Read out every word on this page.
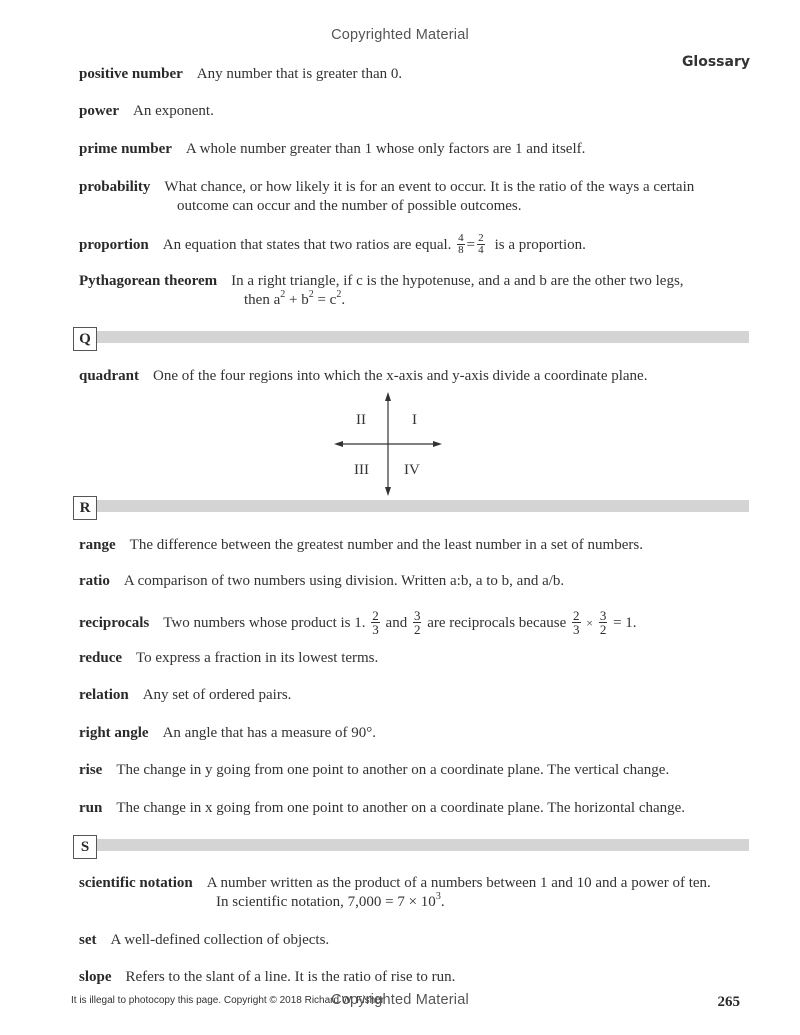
Copyrighted Material
Glossary
positive number Any number that is greater than 0.
power An exponent.
prime number A whole number greater than 1 whose only factors are 1 and itself.
probability What chance, or how likely it is for an event to occur. It is the ratio of the ways a certain
outcome can occur and the number of possible outcomes.
proportion An equation that states that two ratios are equal. $\frac{4}{8} = \frac{2}{4}$ is a proportion.
Pythagorean theorem In a right triangle, if c is the hypotenuse, and a and b are the other two legs,
then $a^2 + b^2 = c^2$.
Q
quadrant One of the four regions into which the x-axis and y-axis divide a coordinate plane.
II	I
III IV
R
range The difference between the greatest number and the least number in a set of numbers.
ratio A comparison of two numbers using division. Written a:b, a to b, and a/b.
reciprocals Two numbers whose product is 1. $\frac{2}{3}$ and $\frac{3}{2}$ are reciprocals because $\frac{2}{3} \times \frac{3}{2} = 1$.
reduce To express a fraction in its lowest terms.
relation Any set of ordered pairs.
right angle An angle that has a measure of 90°.
rise The change in y going from one point to another on a coordinate plane. The vertical change.
run The change in x going from one point to another on a coordinate plane. The horizontal change.
S
scientific notation A number written as the product of a numbers between 1 and 10 and a power of ten.
In scientific notation, $7,000 = 7 \times 10^3$.
set A well-defined collection of objects.
slope Refers to the slant of a line. It is the ratio of rise to run.
It is illegal to photocopy this page. Copyright © 2018 Richard W. Fisher
Copyrighted Material	265
